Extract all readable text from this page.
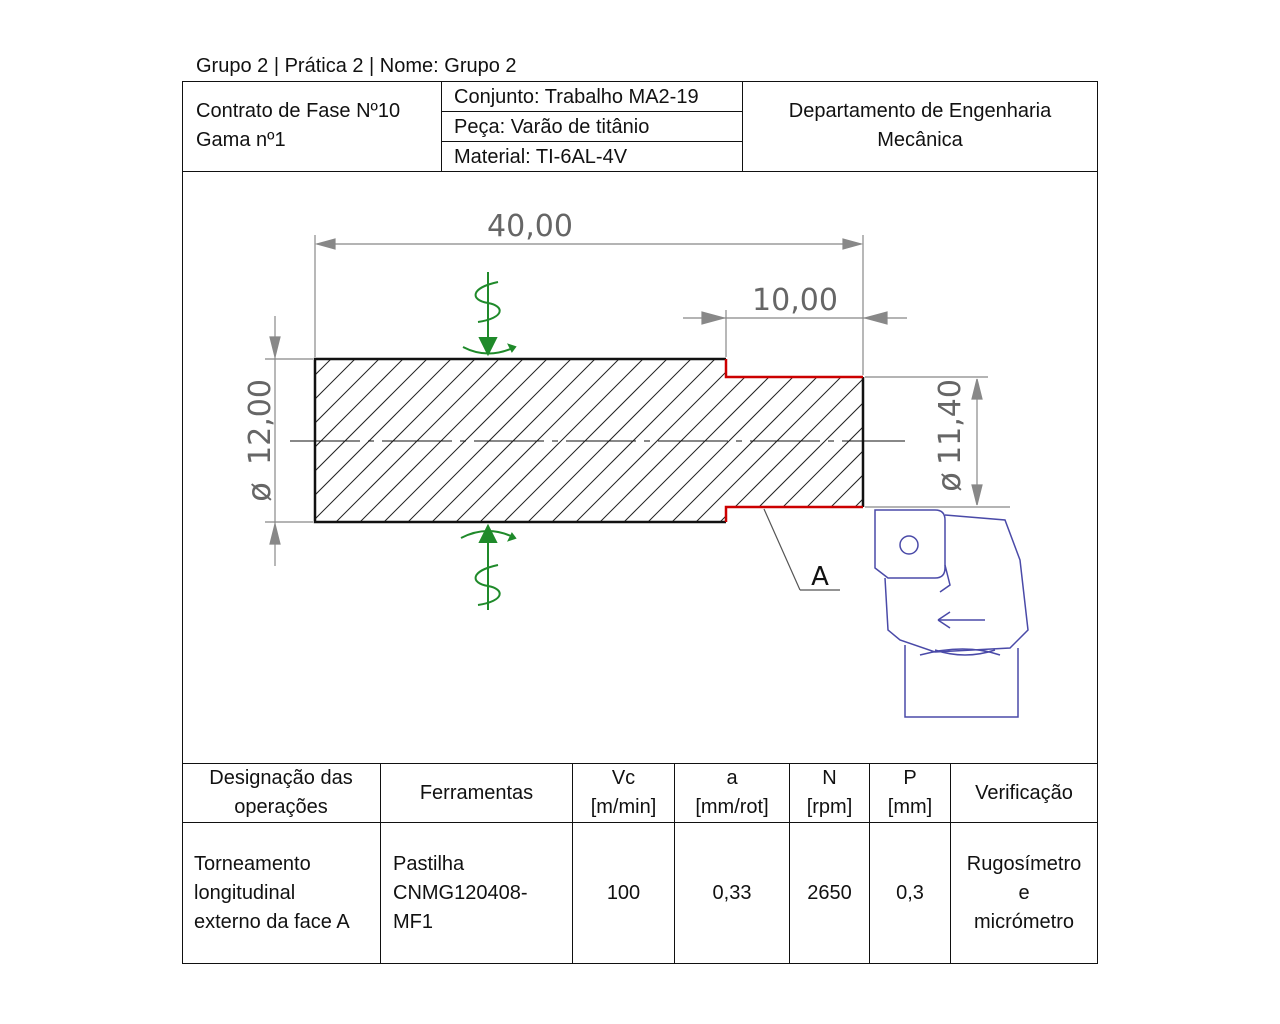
Grupo 2 | Prática 2 | Nome: Grupo 2
Contrato de Fase Nº10
Gama nº1
Conjunto: Trabalho MA2-19
Peça: Varão de titânio
Material: TI-6AL-4V
Departamento de Engenharia
Mecânica
40,00
10,00
ø
12,00
ø
11,40
A
Designação das
operações
Ferramentas
Vc
[m/min]
a
[mm/rot]
N
[rpm]
P
[mm]
Verificação
Torneamento
longitudinal
externo da face A
Pastilha
CNMG120408-
MF1
100	0,33	2650 0,3
Rugosímetro
e
micrómetro
